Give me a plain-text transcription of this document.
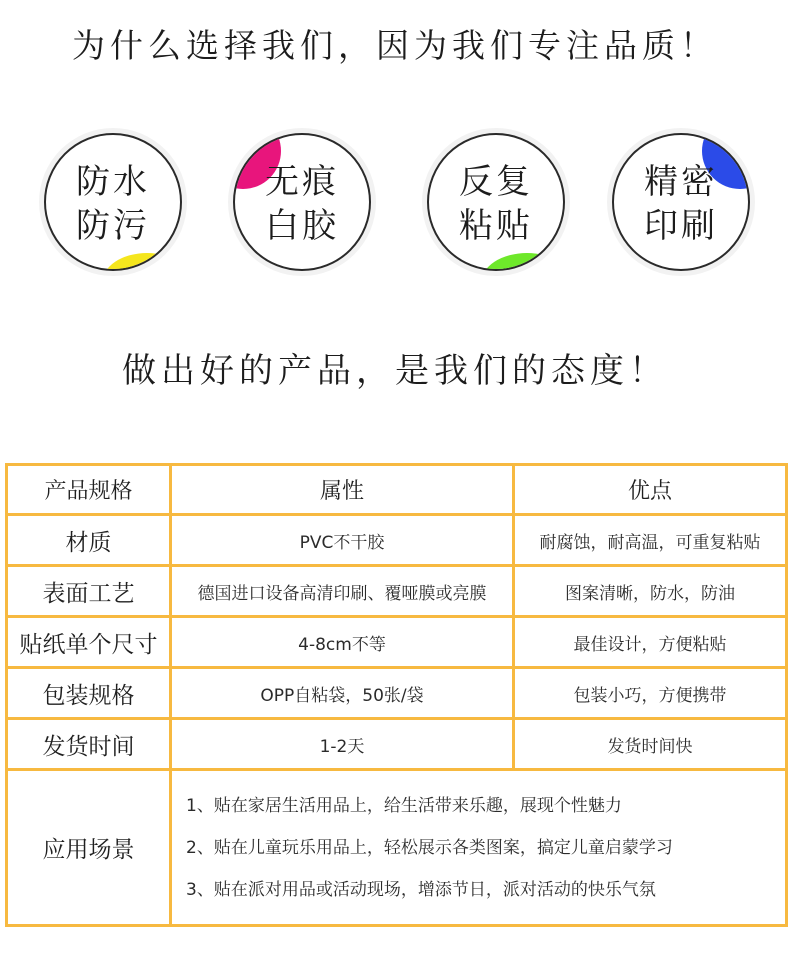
为什么选择我们，因为我们专注品质！
防水
防污
无痕
白胶
反复
粘贴
精密
印刷
做出好的产品，是我们的态度！
产品规格	属性	优点
材质	PVC不干胶	耐腐蚀，耐高温，可重复粘贴
表面工艺	德国进口设备高清印刷、覆哑膜或亮膜	图案清晰，防水，防油
贴纸单个尺寸	4-8cm不等	最佳设计，方便粘贴
包装规格	OPP自粘袋，50张/袋	包装小巧，方便携带
发货时间	1-2天	发货时间快
应用场景	1、贴在家居生活用品上，给生活带来乐趣，展现个性魅力
2、贴在儿童玩乐用品上，轻松展示各类图案，搞定儿童启蒙学习
3、贴在派对用品或活动现场，增添节日，派对活动的快乐气氛	
